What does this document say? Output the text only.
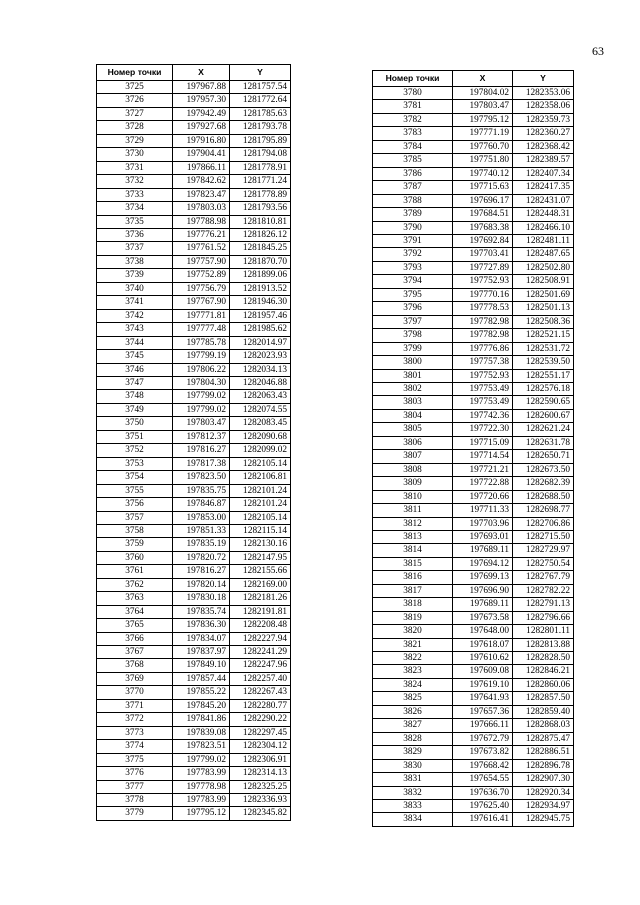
63
Номер точки	X	Y
3725	197967.88	1281757.54
3726	197957.30	1281772.64
3727	197942.49	1281785.63
3728	197927.68	1281793.78
3729	197916.80	1281795.89
3730	197904.41	1281794.08
3731	197866.11	1281778.91
3732	197842.62	1281771.24
3733	197823.47	1281778.89
3734	197803.03	1281793.56
3735	197788.98	1281810.81
3736	197776.21	1281826.12
3737	197761.52	1281845.25
3738	197757.90	1281870.70
3739	197752.89	1281899.06
3740	197756.79	1281913.52
3741	197767.90	1281946.30
3742	197771.81	1281957.46
3743	197777.48	1281985.62
3744	197785.78	1282014.97
3745	197799.19	1282023.93
3746	197806.22	1282034.13
3747	197804.30	1282046.88
3748	197799.02	1282063.43
3749	197799.02	1282074.55
3750	197803.47	1282083.45
3751	197812.37	1282090.68
3752	197816.27	1282099.02
3753	197817.38	1282105.14
3754	197823.50	1282106.81
3755	197835.75	1282101.24
3756	197846.87	1282101.24
3757	197853.00	1282105.14
3758	197851.33	1282115.14
3759	197835.19	1282130.16
3760	197820.72	1282147.95
3761	197816.27	1282155.66
3762	197820.14	1282169.00
3763	197830.18	1282181.26
3764	197835.74	1282191.81
3765	197836.30	1282208.48
3766	197834.07	1282227.94
3767	197837.97	1282241.29
3768	197849.10	1282247.96
3769	197857.44	1282257.40
3770	197855.22	1282267.43
3771	197845.20	1282280.77
3772	197841.86	1282290.22
3773	197839.08	1282297.45
3774	197823.51	1282304.12
3775	197799.02	1282306.91
3776	197783.99	1282314.13
3777	197778.98	1282325.25
3778	197783.99	1282336.93
3779	197795.12	1282345.82
Номер точки	X	Y
3780	197804.02	1282353.06
3781	197803.47	1282358.06
3782	197795.12	1282359.73
3783	197771.19	1282360.27
3784	197760.70	1282368.42
3785	197751.80	1282389.57
3786	197740.12	1282407.34
3787	197715.63	1282417.35
3788	197696.17	1282431.07
3789	197684.51	1282448.31
3790	197683.38	1282466.10
3791	197692.84	1282481.11
3792	197703.41	1282487.65
3793	197727.89	1282502.80
3794	197752.93	1282508.91
3795	197770.16	1282501.69
3796	197778.53	1282501.13
3797	197782.98	1282508.36
3798	197782.98	1282521.15
3799	197776.86	1282531.72
3800	197757.38	1282539.50
3801	197752.93	1282551.17
3802	197753.49	1282576.18
3803	197753.49	1282590.65
3804	197742.36	1282600.67
3805	197722.30	1282621.24
3806	197715.09	1282631.78
3807	197714.54	1282650.71
3808	197721.21	1282673.50
3809	197722.88	1282682.39
3810	197720.66	1282688.50
3811	197711.33	1282698.77
3812	197703.96	1282706.86
3813	197693.01	1282715.50
3814	197689.11	1282729.97
3815	197694.12	1282750.54
3816	197699.13	1282767.79
3817	197696.90	1282782.22
3818	197689.11	1282791.13
3819	197673.58	1282796.66
3820	197648.00	1282801.11
3821	197618.07	1282813.88
3822	197610.62	1282828.50
3823	197609.08	1282846.21
3824	197619.10	1282860.06
3825	197641.93	1282857.50
3826	197657.36	1282859.40
3827	197666.11	1282868.03
3828	197672.79	1282875.47
3829	197673.82	1282886.51
3830	197668.42	1282896.78
3831	197654.55	1282907.30
3832	197636.70	1282920.34
3833	197625.40	1282934.97
3834	197616.41	1282945.75
